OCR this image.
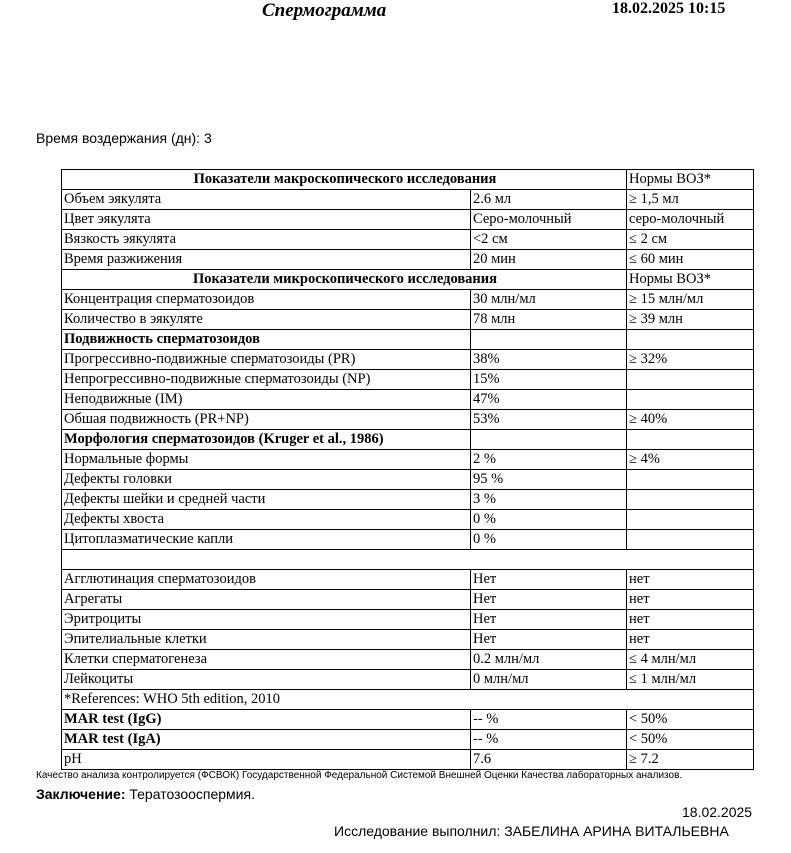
Спермограмма	18.02.2025 10:15
Время воздержания (дн): 3
Показатели макроскопического исследования		Нормы ВОЗ*
Объем эякулята	2.6 мл	≥ 1,5 мл
Цвет эякулята	Серо-молочный	серо-молочный
Вязкость эякулята	<2 см	≤ 2 см
Время разжижения	20 мин	≤ 60 мин
Показатели микроскопического исследования		Нормы ВОЗ*
Концентрация сперматозоидов	30 млн/мл	≥ 15 млн/мл
Количество в эякуляте	78 млн	≥ 39 млн
Подвижность сперматозоидов		
Прогрессивно-подвижные сперматозоиды (PR)	38%	≥ 32%
Непрогрессивно-подвижные сперматозоиды (NP)	15%	
Неподвижные (IM)	47%	
Обшая подвижность (PR+NP)	53%	≥ 40%
Морфология сперматозоидов (Kruger et al., 1986)		
Нормальные формы	2 %	≥ 4%
Дефекты головки	95 %	
Дефекты шейки и средней части	3 %	
Дефекты хвоста	0 %	
Цитоплазматические капли	0 %	

Агглютинация сперматозоидов	Нет	нет
Агрегаты	Нет	нет
Эритроциты	Нет	нет
Эпителиальные клетки	Нет	нет
Клетки сперматогенеза	0.2 млн/мл	≤ 4 млн/мл
Лейкоциты	0 млн/мл	≤ 1 млн/мл
*References: WHO 5th edition, 2010		
MAR test (IgG)	-- %	< 50%
MAR test (IgA)	-- %	< 50%
pH	7.6	≥ 7.2
Качество анализа контролируется (ФСВОК) Государственной Федеральной Системой Внешней Оценки Качества лабораторных анализов.
Заключение: Тератозооспермия.
18.02.2025
Исследование выполнил: ЗАБЕЛИНА АРИНА ВИТАЛЬЕВНА
